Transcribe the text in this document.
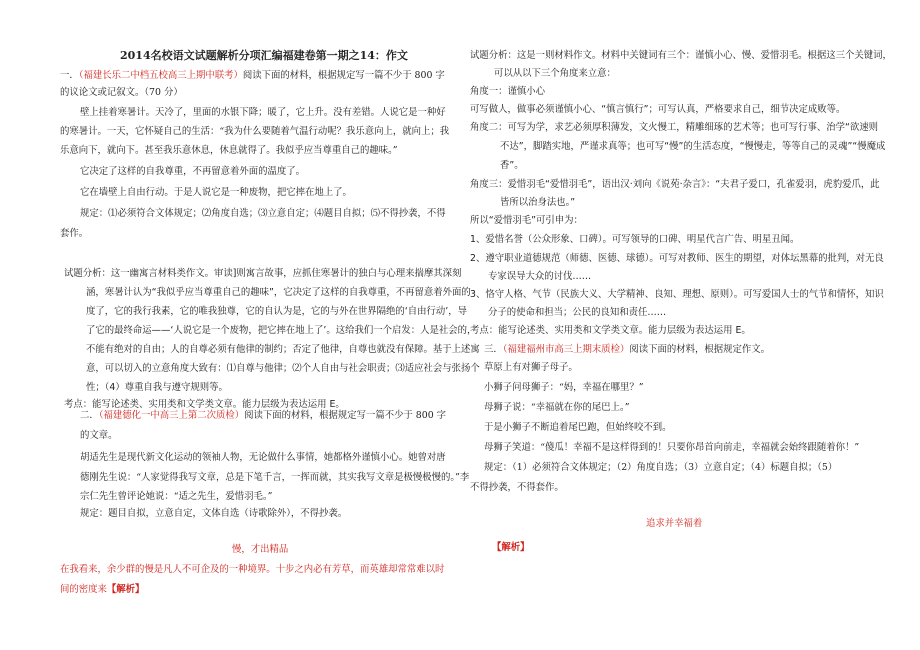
2014名校语文试题解析分项汇编福建卷第一期之14：作文
一．（福建长乐二中档五校高三上期中联考）阅读下面的材料，根据规定写一篇不少于 800 字
的议论文或记叙文。（70 分）
壁上挂着寒暑计。天冷了，里面的水银下降；暖了，它上升。没有差错。人说它是一种好
的寒暑计。一天，它怀疑自己的生活：“我为什么要随着气温行动呢？我乐意向上，就向上；我
乐意向下，就向下。甚至我乐意休息，休息就得了。我似乎应当尊重自己的趣味。”
它决定了这样的自我尊重，不再留意着外面的温度了。
它在墙壁上自由行动。于是人说它是一种废物，把它摔在地上了。
规定：⑴必须符合文体规定；⑵角度自选；⑶立意自定；⑷题目自拟；⑸不得抄袭，不得
套作。
试题分析：这一幽寓言材料类作文。审读]则寓言故事，应抓住寒暑计的独白与心理来揣摩其深刻
涵，寒暑计认为“我似乎应当尊重自己的趣味”，它决定了这样的自我尊重，不再留意着外面的
度了，它的我行我素，它的唯我独尊，它的自认为是，它的与外在世界隔绝的‘自由行动’，导
了它的最终命运——‘人说它是一个废物，把它摔在地上了’。这给我们一个启发：人是社会的，
不能有绝对的自由；人的自尊必须有他律的制约；否定了他律，自尊也就没有保障。基于上述寓
意，可以切入的立意角度大致有：⑴自尊与他律；⑵个人自由与社会职责；⑶适应社会与张扬个
性；（4）尊重自我与遵守规则等。
考点：能写论述类、实用类和文学类文章。能力层级为表达运用 E。
二．（福建德化一中高三上第二次质检）阅读下面的材料，根据规定写一篇不少于 800 字
的文章。
胡适先生是现代新文化运动的领袖人物，无论做什么事情，她都格外谨慎小心。她曾对唐
德刚先生说：“人家觉得我写文章，总是下笔千言，一挥而就，其实我写文章是极慢极慢的。”李
宗仁先生曾评论她说：“适之先生，爱惜羽毛。”
规定：题目自拟，立意自定，文体自选（诗歌除外），不得抄袭。
慢，才出精品
在我看来，余少群的慢是凡人不可企及的一种境界。十步之内必有芳草，而英雄却常常难以时
间的密度来【解析】
试题分析：这是一则材料作文。材料中关键词有三个：谨慎小心、慢、爱惜羽毛。根据这三个关键词，
可以从以下三个角度来立意：
角度一：谨慎小心
可写做人，做事必须谨慎小心、“慎言慎行”；可写认真，严格要求自己，细节决定成败等。
角度二：可写为学，求艺必须厚积薄发，文火慢工，精雕细琢的艺术等；也可写行事、治学“欲速则
不达”，脚踏实地，严谨求真等；也可写“慢”的生活态度，“慢慢走，等等自己的灵魂”“慢魔成
香”。
角度三：爱惜羽毛“爱惜羽毛”，语出汉·刘向《说苑·杂言》：“夫君子爱口，孔雀爱羽，虎豹爱爪，此
皆所以治身法也。”
所以“爱惜羽毛”可引申为：
1、爱惜名誉（公众形象、口碑）。可写领导的口碑、明星代言广告、明星丑闻。
2、遵守职业道德规范（师德、医德、球德）。可写对教师、医生的期望，对体坛黑幕的批判，对无良
专家误导大众的讨伐……
3、恪守人格、气节（民族大义、大学精神、良知、理想、原则）。可写爱国人士的气节和情怀，知识
分子的使命和担当；公民的良知和责任……
考点：能写论述类、实用类和文学类文章。能力层级为表达运用 E。
三．（福建福州市高三上期末质检）阅读下面的材料，根据规定作文。
草原上有对狮子母子。
小狮子问母狮子：“妈，幸福在哪里？”
母狮子说：“幸福就在你的尾巴上。”
于是小狮子不断追着尾巴跑，但始终咬不到。
母狮子笑道：“傻瓜！幸福不是这样得到的！只要你昂首向前走，幸福就会始终跟随着你！”
规定：（1）必须符合文体规定；（2）角度自选；（3）立意自定；（4）标题自拟；（5）
不得抄袭，不得套作。
追求并幸福着
【解析】
